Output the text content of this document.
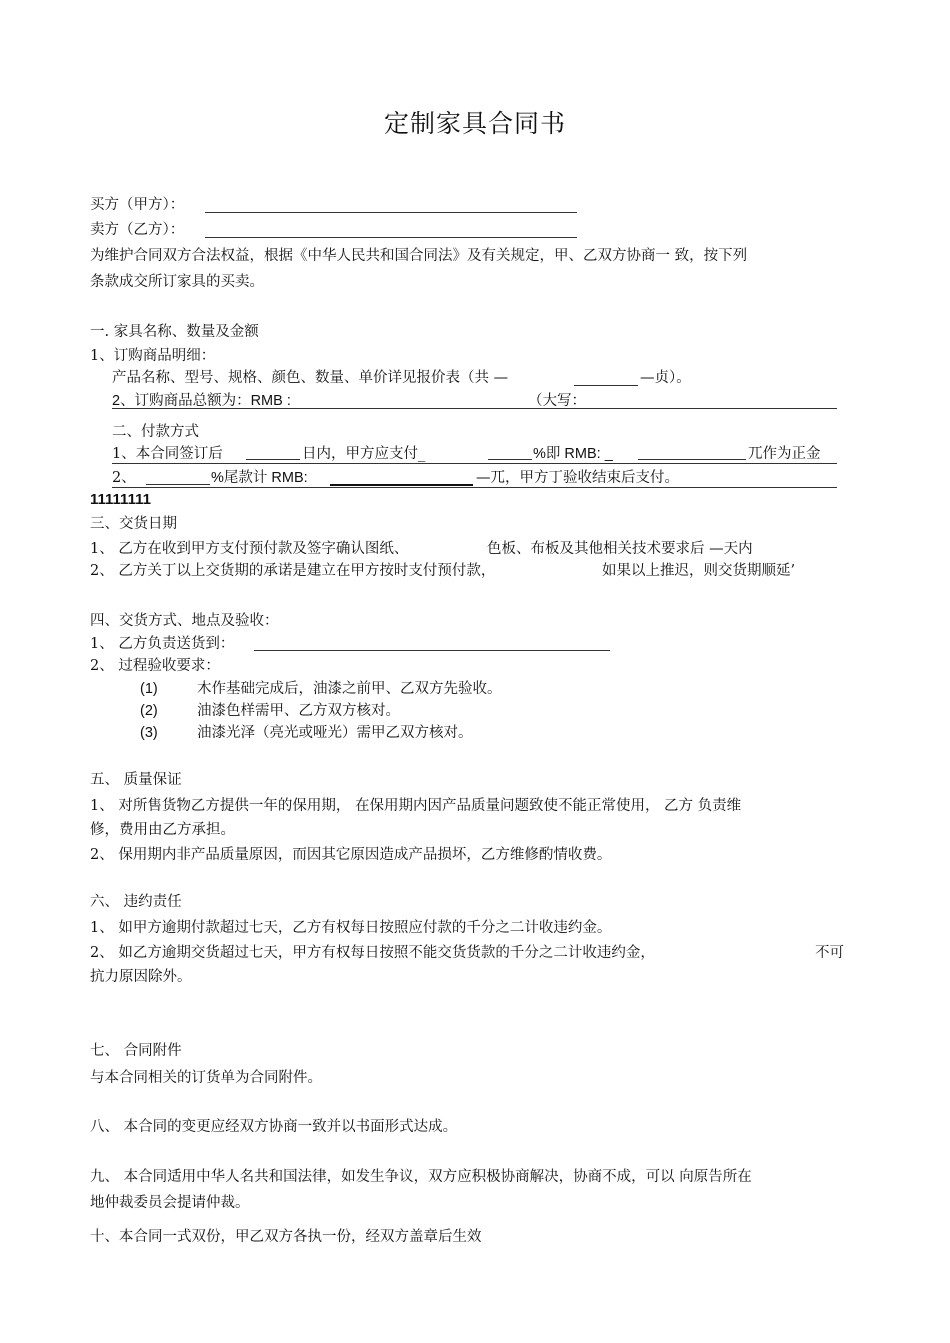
定制家具合同书
买方（甲方）：
卖方（乙方）：
为维护合同双方合法权益，根据《中华人民共和国合同法》及有关规定，甲、乙双方协商一 致，按下列
条款成交所订家具的买卖。
一. 家具名称、数量及金额
1、订购商品明细：
产品名称、型号、规格、颜色、数量、单价详见报价表（共 —	—贞）。
2、订购商品总额为：RMB :	（大写：
二、付款方式
1、本合同签订后	日内，甲方应支付_	%即 RMB: _	兀作为正金
2、	%尾款计 RMB:	—兀，甲方丁验收结束后支付。
11111111
三、交货日期
1、 乙方在收到甲方支付预付款及签字确认图纸、	色板、布板及其他相关技术要求后 —天内
2、 乙方关丁以上交货期的承诺是建立在甲方按时支付预付款，	如果以上推迟，则交货期顺延’
四、交货方式、地点及验收：
1、 乙方负责送货到：
2、 过程验收要求：
(1)	木作基础完成后，油漆之前甲、乙双方先验收。
(2)	油漆色样需甲、乙方双方核对。
(3)	油漆光泽（亮光或哑光）需甲乙双方核对。
五、 质量保证
1、 对所售货物乙方提供一年的保用期， 在保用期内因产品质量问题致使不能正常使用， 乙方 负责维
修，费用由乙方承担。
2、 保用期内非产品质量原因，而因其它原因造成产品损坏，乙方维修酌情收费。
六、 违约责任
1、 如甲方逾期付款超过七天，乙方有权每日按照应付款的千分之二计收违约金。
2、 如乙方逾期交货超过七天，甲方有权每日按照不能交货货款的千分之二计收违约金，	不可
抗力原因除外。
七、 合同附件
与本合同相关的订货单为合同附件。
八、 本合同的变更应经双方协商一致并以书面形式达成。
九、 本合同适用中华人名共和国法律，如发生争议，双方应积极协商解决，协商不成，可以 向原告所在
地仲裁委员会提请仲裁。
十、本合同一式双份，甲乙双方各执一份，经双方盖章后生效
